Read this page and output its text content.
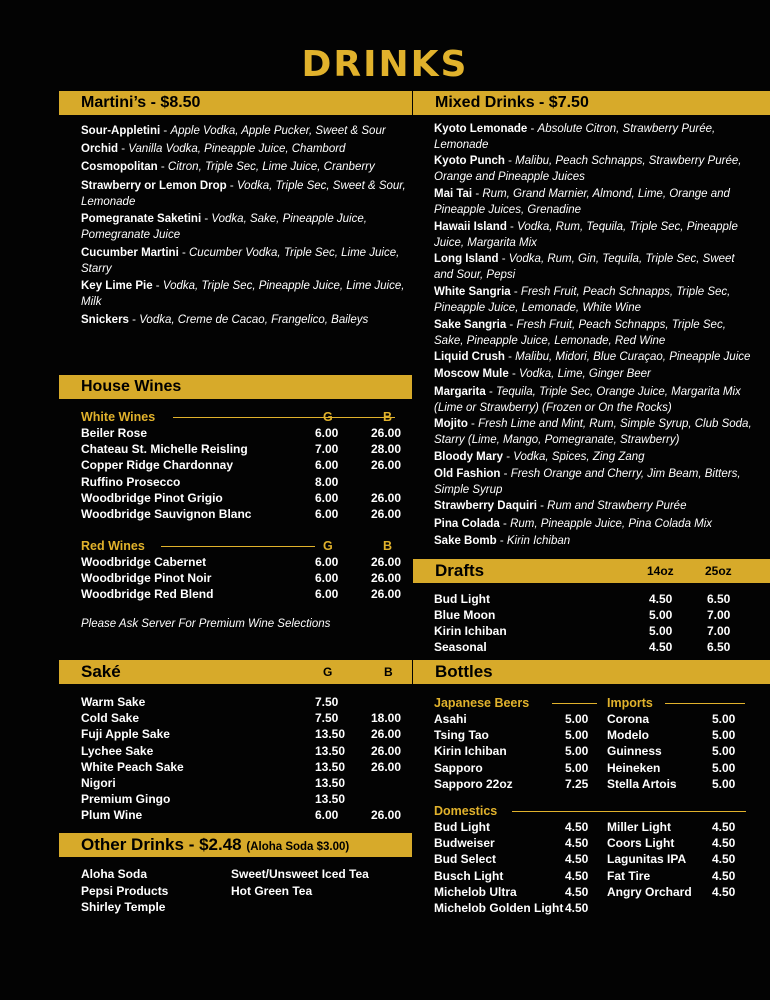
DRINKS
Martini’s - $8.50
Sour-Appletini - Apple Vodka, Apple Pucker, Sweet & Sour
Orchid - Vanilla Vodka, Pineapple Juice, Chambord
Cosmopolitan - Citron, Triple Sec, Lime Juice, Cranberry
Strawberry or Lemon Drop - Vodka, Triple Sec, Sweet & Sour, Lemonade
Pomegranate Saketini - Vodka, Sake, Pineapple Juice, Pomegranate Juice
Cucumber Martini - Cucumber Vodka, Triple Sec, Lime Juice, Starry
Key Lime Pie - Vodka, Triple Sec, Pineapple Juice, Lime Juice, Milk
Snickers - Vodka, Creme de Cacao, Frangelico, Baileys
House Wines
White Wines	G	B
Beiler Rose	6.00	26.00
Chateau St. Michelle Reisling	7.00	28.00
Copper Ridge Chardonnay	6.00	26.00
Ruffino Prosecco	8.00
Woodbridge Pinot Grigio	6.00	26.00
Woodbridge Sauvignon Blanc	6.00	26.00
Red Wines	G	B
Woodbridge Cabernet	6.00	26.00
Woodbridge Pinot Noir	6.00	26.00
Woodbridge Red Blend	6.00	26.00
Please Ask Server For Premium Wine Selections
Saké	G	B
Warm Sake	7.50
Cold Sake	7.50	18.00
Fuji Apple Sake	13.50 26.00
Lychee Sake	13.50 26.00
White Peach Sake	13.50 26.00
Nigori	13.50
Premium Gingo	13.50
Plum Wine	6.00	26.00
Other Drinks - $2.48 (Aloha Soda $3.00)
Aloha Soda
Pepsi Products
Shirley Temple
Sweet/Unsweet Iced Tea
Hot Green Tea
Mixed Drinks - $7.50
Kyoto Lemonade - Absolute Citron, Strawberry Purée, Lemonade
Kyoto Punch - Malibu, Peach Schnapps, Strawberry Purée, Orange and Pineapple Juices
Mai Tai - Rum, Grand Marnier, Almond, Lime, Orange and Pineapple Juices, Grenadine
Hawaii Island - Vodka, Rum, Tequila, Triple Sec, Pineapple Juice, Margarita Mix
Long Island - Vodka, Rum, Gin, Tequila, Triple Sec, Sweet and Sour, Pepsi
White Sangria - Fresh Fruit, Peach Schnapps, Triple Sec, Pineapple Juice, Lemonade, White Wine
Sake Sangria - Fresh Fruit, Peach Schnapps, Triple Sec, Sake, Pineapple Juice, Lemonade, Red Wine
Liquid Crush - Malibu, Midori, Blue Curaçao, Pineapple Juice
Moscow Mule - Vodka, Lime, Ginger Beer
Margarita - Tequila, Triple Sec, Orange Juice, Margarita Mix (Lime or Strawberry) (Frozen or On the Rocks)
Mojito - Fresh Lime and Mint, Rum, Simple Syrup, Club Soda, Starry (Lime, Mango, Pomegranate, Strawberry)
Bloody Mary - Vodka, Spices, Zing Zang
Old Fashion - Fresh Orange and Cherry, Jim Beam, Bitters, Simple Syrup
Strawberry Daquiri - Rum and Strawberry Purée
Pina Colada - Rum, Pineapple Juice, Pina Colada Mix
Sake Bomb - Kirin Ichiban
Drafts	14oz	25oz
Bud Light	4.50	6.50
Blue Moon	5.00	7.00
Kirin Ichiban	5.00	7.00
Seasonal	4.50	6.50
Bottles
Japanese Beers	Imports
Asahi	5.00
Tsing Tao	5.00
Kirin Ichiban	5.00
Sapporo	5.00
Sapporo 22oz	7.25
Corona	5.00
Modelo	5.00
Guinness	5.00
Heineken	5.00
Stella Artois	5.00
Domestics
Bud Light	4.50
Budweiser	4.50
Bud Select	4.50
Busch Light	4.50
Michelob Ultra	4.50
Michelob Golden Light 4.50
Miller Light	4.50
Coors Light	4.50
Lagunitas IPA 4.50
Fat Tire	4.50
Angry Orchard 4.50
